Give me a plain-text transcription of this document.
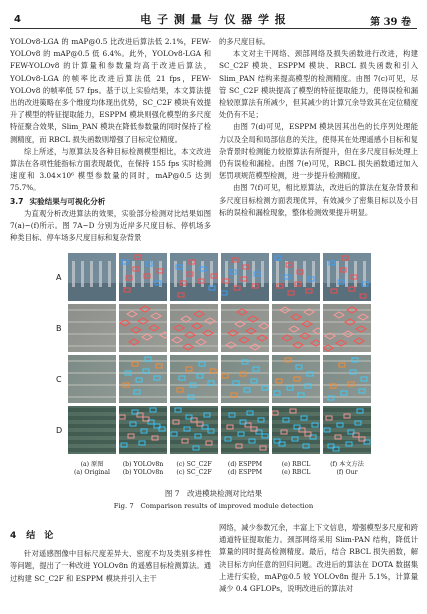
4	电 子 测 量 与 仪 器 学 报	第 39 卷

YOLOv8-LGA 的 mAP@0.5 比改进后算法低 2.1%，FEW-YOLOv8 的 mAP@0.5 低 6.4%。此外，YOLOv8-LGA 和 FEW-YOLOv8 的计算量和参数量均高于改进后算法，YOLOv8-LGA 的帧率比改进后算法低 21 fps，FEW-YOLOv8 的帧率低 57 fps。基于以上实验结果，本文算法提出的改进策略在多个维度均体现出优势，SC_C2F 模块有效提升了模型的特征提取能力，ESPPM 模块则强化模型的多尺度特征聚合效果，Slim_PAN 模块在降低参数量的同时保持了检测精度，而 RBCL 损失函数则增强了目标定位精度。

综上所述，与原算法及各种目标检测模型相比，本文改进算法在各项性能指标方面表现最优，在保持 155 fps 实时检测速度和 3.04×10⁶ 模型参数量的同时，mAP@0.5 达到 75.7%。

3.7 实验结果与可视化分析

为直观分析改进算法的效果，实验部分检测对比结果如图 7(a)~(f)所示。图 7A~D 分别为近岸多尺度目标、停机场多种类目标、停车场多尺度目标和复杂背景

的多尺度目标。

本文对主干网络、颈部网络及损失函数进行改进，构建 SC_C2F 模块、ESPPM 模块、RBCL 损失函数和引入 Slim_PAN 结构来提高模型的检测精度。由图 7(c)可见，尽管 SC_C2F 模块提高了模型的特征提取能力，使得误检和漏检较原算法有所减少，但其减少的计算冗余导致其在定位精度处仍有不足；

由图 7(d)可见，ESPPM 模块因其出色的长序列处理能力以及全局和局部信息的关注，使得其在处理遥感小目标和复杂背景时检测能力较原算法有所提升，但在多尺度目标处理上仍有误检和漏检。由图 7(e)可见，RBCL 损失函数通过加入惩罚项规范模型检测，进一步提升检测精度。

由图 7(f)可见，相比原算法，改进后的算法在复杂背景和多尺度目标检测方面表现优异，有效减少了密集目标以及小目标的误检和漏检现象，整体检测效果提升明显。

A
B
C
D
(a) 原图
(a) Original
(b) YOLOv8n
(b) YOLOv8n
(c) SC_C2F
(c) SC_C2F
(d) ESPPM
(d) ESPPM
(e) RBCL
(e) RBCL
(f) 本文方法
(f) Our
图 7　改进模块检测对比结果
Fig. 7　Comparison results of improved module detection
4 结　论

针对遥感图像中目标尺度差异大、密度不均及类别多样性等问题，提出了一种改进 YOLOv8n 的遥感目标检测算法。通过构建 SC_C2F 和 ESPPM 模块并引入主干

网络，减少参数冗余，丰富上下文信息，增强模型多尺度和跨通道特征提取能力。颈部网络采用 Slim-PAN 结构，降低计算量的同时提高检测精度。最后，结合 RBCL 损失函数，解决目标方向任意的回归问题。改进后的算法在 DOTA 数据集上进行实验，mAP@0.5 较 YOLOv8n 提升 5.1%，计算量减少 0.4 GFLOPs，说明改进后的算法对
